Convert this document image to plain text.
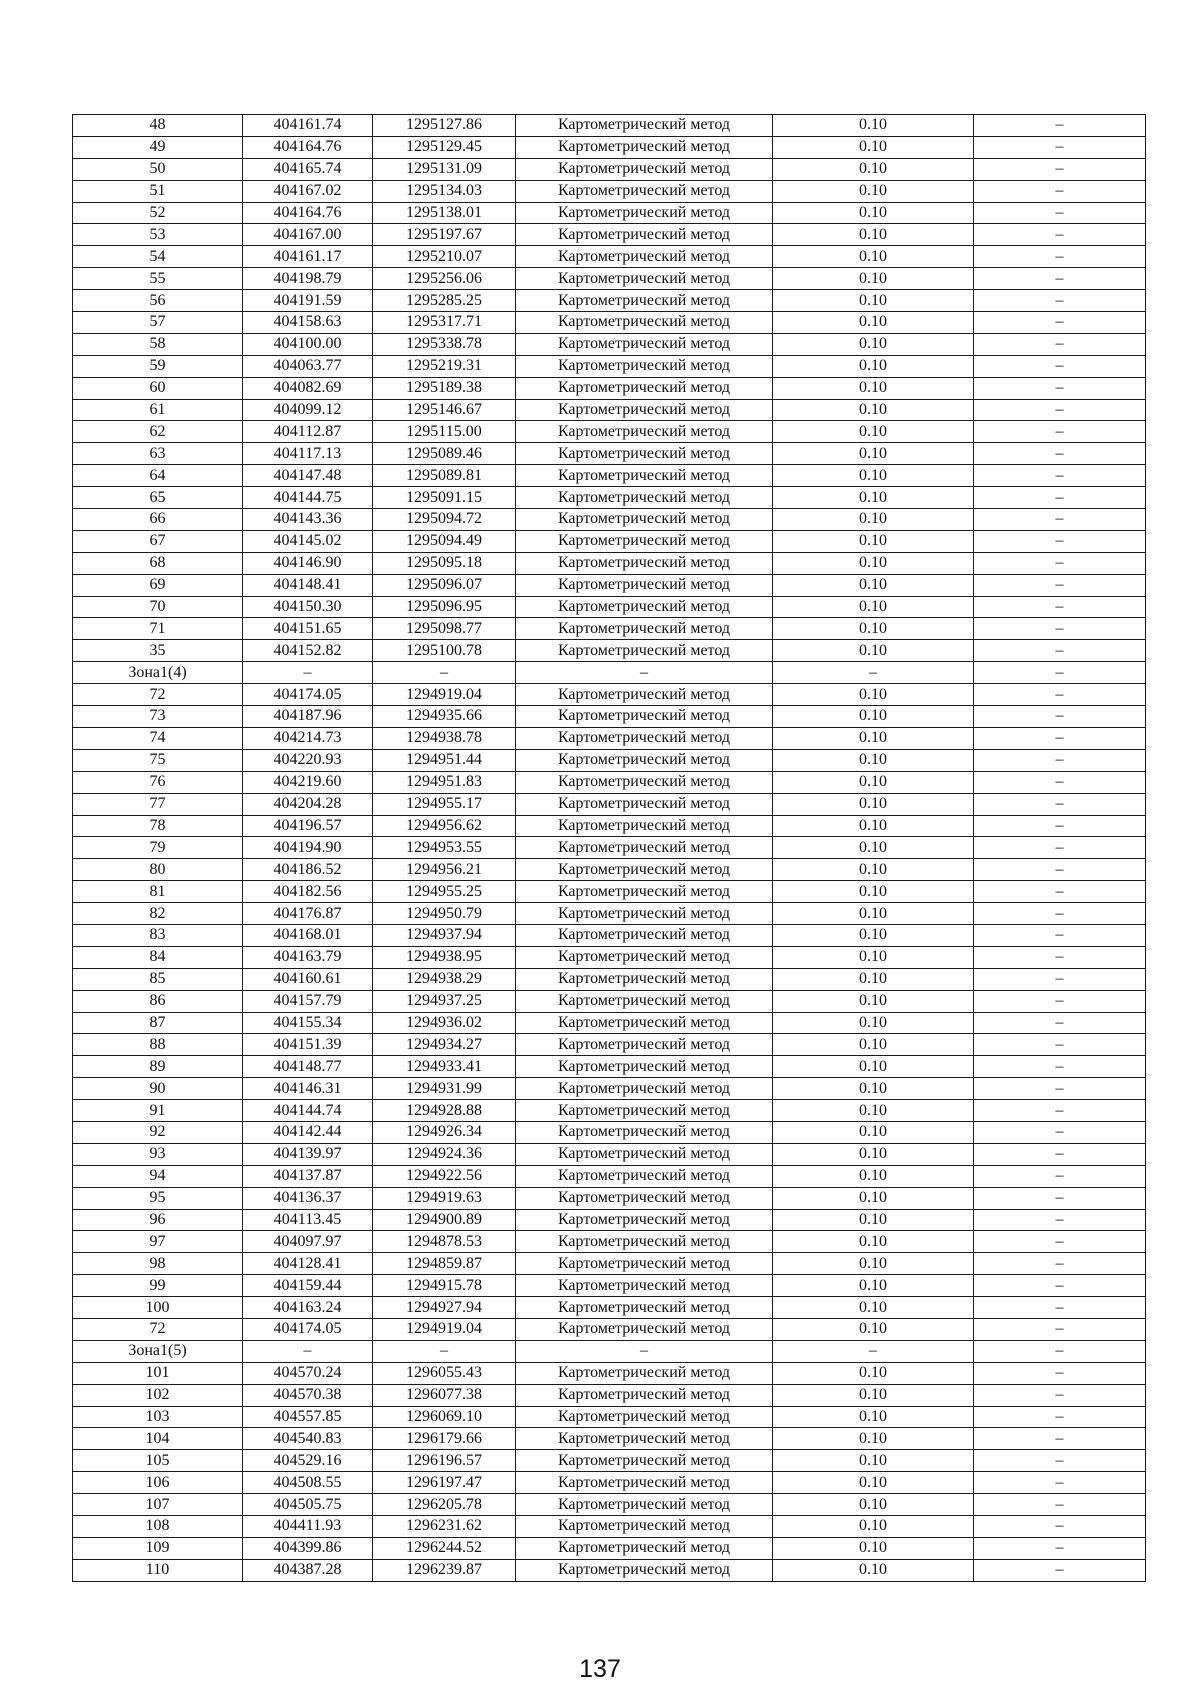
48	404161.74	1295127.86	Картометрический метод	0.10	–
49	404164.76	1295129.45	Картометрический метод	0.10	–
50	404165.74	1295131.09	Картометрический метод	0.10	–
51	404167.02	1295134.03	Картометрический метод	0.10	–
52	404164.76	1295138.01	Картометрический метод	0.10	–
53	404167.00	1295197.67	Картометрический метод	0.10	–
54	404161.17	1295210.07	Картометрический метод	0.10	–
55	404198.79	1295256.06	Картометрический метод	0.10	–
56	404191.59	1295285.25	Картометрический метод	0.10	–
57	404158.63	1295317.71	Картометрический метод	0.10	–
58	404100.00	1295338.78	Картометрический метод	0.10	–
59	404063.77	1295219.31	Картометрический метод	0.10	–
60	404082.69	1295189.38	Картометрический метод	0.10	–
61	404099.12	1295146.67	Картометрический метод	0.10	–
62	404112.87	1295115.00	Картометрический метод	0.10	–
63	404117.13	1295089.46	Картометрический метод	0.10	–
64	404147.48	1295089.81	Картометрический метод	0.10	–
65	404144.75	1295091.15	Картометрический метод	0.10	–
66	404143.36	1295094.72	Картометрический метод	0.10	–
67	404145.02	1295094.49	Картометрический метод	0.10	–
68	404146.90	1295095.18	Картометрический метод	0.10	–
69	404148.41	1295096.07	Картометрический метод	0.10	–
70	404150.30	1295096.95	Картометрический метод	0.10	–
71	404151.65	1295098.77	Картометрический метод	0.10	–
35	404152.82	1295100.78	Картометрический метод	0.10	–
Зона1(4)	–	–	–	–	–
72	404174.05	1294919.04	Картометрический метод	0.10	–
73	404187.96	1294935.66	Картометрический метод	0.10	–
74	404214.73	1294938.78	Картометрический метод	0.10	–
75	404220.93	1294951.44	Картометрический метод	0.10	–
76	404219.60	1294951.83	Картометрический метод	0.10	–
77	404204.28	1294955.17	Картометрический метод	0.10	–
78	404196.57	1294956.62	Картометрический метод	0.10	–
79	404194.90	1294953.55	Картометрический метод	0.10	–
80	404186.52	1294956.21	Картометрический метод	0.10	–
81	404182.56	1294955.25	Картометрический метод	0.10	–
82	404176.87	1294950.79	Картометрический метод	0.10	–
83	404168.01	1294937.94	Картометрический метод	0.10	–
84	404163.79	1294938.95	Картометрический метод	0.10	–
85	404160.61	1294938.29	Картометрический метод	0.10	–
86	404157.79	1294937.25	Картометрический метод	0.10	–
87	404155.34	1294936.02	Картометрический метод	0.10	–
88	404151.39	1294934.27	Картометрический метод	0.10	–
89	404148.77	1294933.41	Картометрический метод	0.10	–
90	404146.31	1294931.99	Картометрический метод	0.10	–
91	404144.74	1294928.88	Картометрический метод	0.10	–
92	404142.44	1294926.34	Картометрический метод	0.10	–
93	404139.97	1294924.36	Картометрический метод	0.10	–
94	404137.87	1294922.56	Картометрический метод	0.10	–
95	404136.37	1294919.63	Картометрический метод	0.10	–
96	404113.45	1294900.89	Картометрический метод	0.10	–
97	404097.97	1294878.53	Картометрический метод	0.10	–
98	404128.41	1294859.87	Картометрический метод	0.10	–
99	404159.44	1294915.78	Картометрический метод	0.10	–
100	404163.24	1294927.94	Картометрический метод	0.10	–
72	404174.05	1294919.04	Картометрический метод	0.10	–
Зона1(5)	–	–	–	–	–
101	404570.24	1296055.43	Картометрический метод	0.10	–
102	404570.38	1296077.38	Картометрический метод	0.10	–
103	404557.85	1296069.10	Картометрический метод	0.10	–
104	404540.83	1296179.66	Картометрический метод	0.10	–
105	404529.16	1296196.57	Картометрический метод	0.10	–
106	404508.55	1296197.47	Картометрический метод	0.10	–
107	404505.75	1296205.78	Картометрический метод	0.10	–
108	404411.93	1296231.62	Картометрический метод	0.10	–
109	404399.86	1296244.52	Картометрический метод	0.10	–
110	404387.28	1296239.87	Картометрический метод	0.10	–
137
